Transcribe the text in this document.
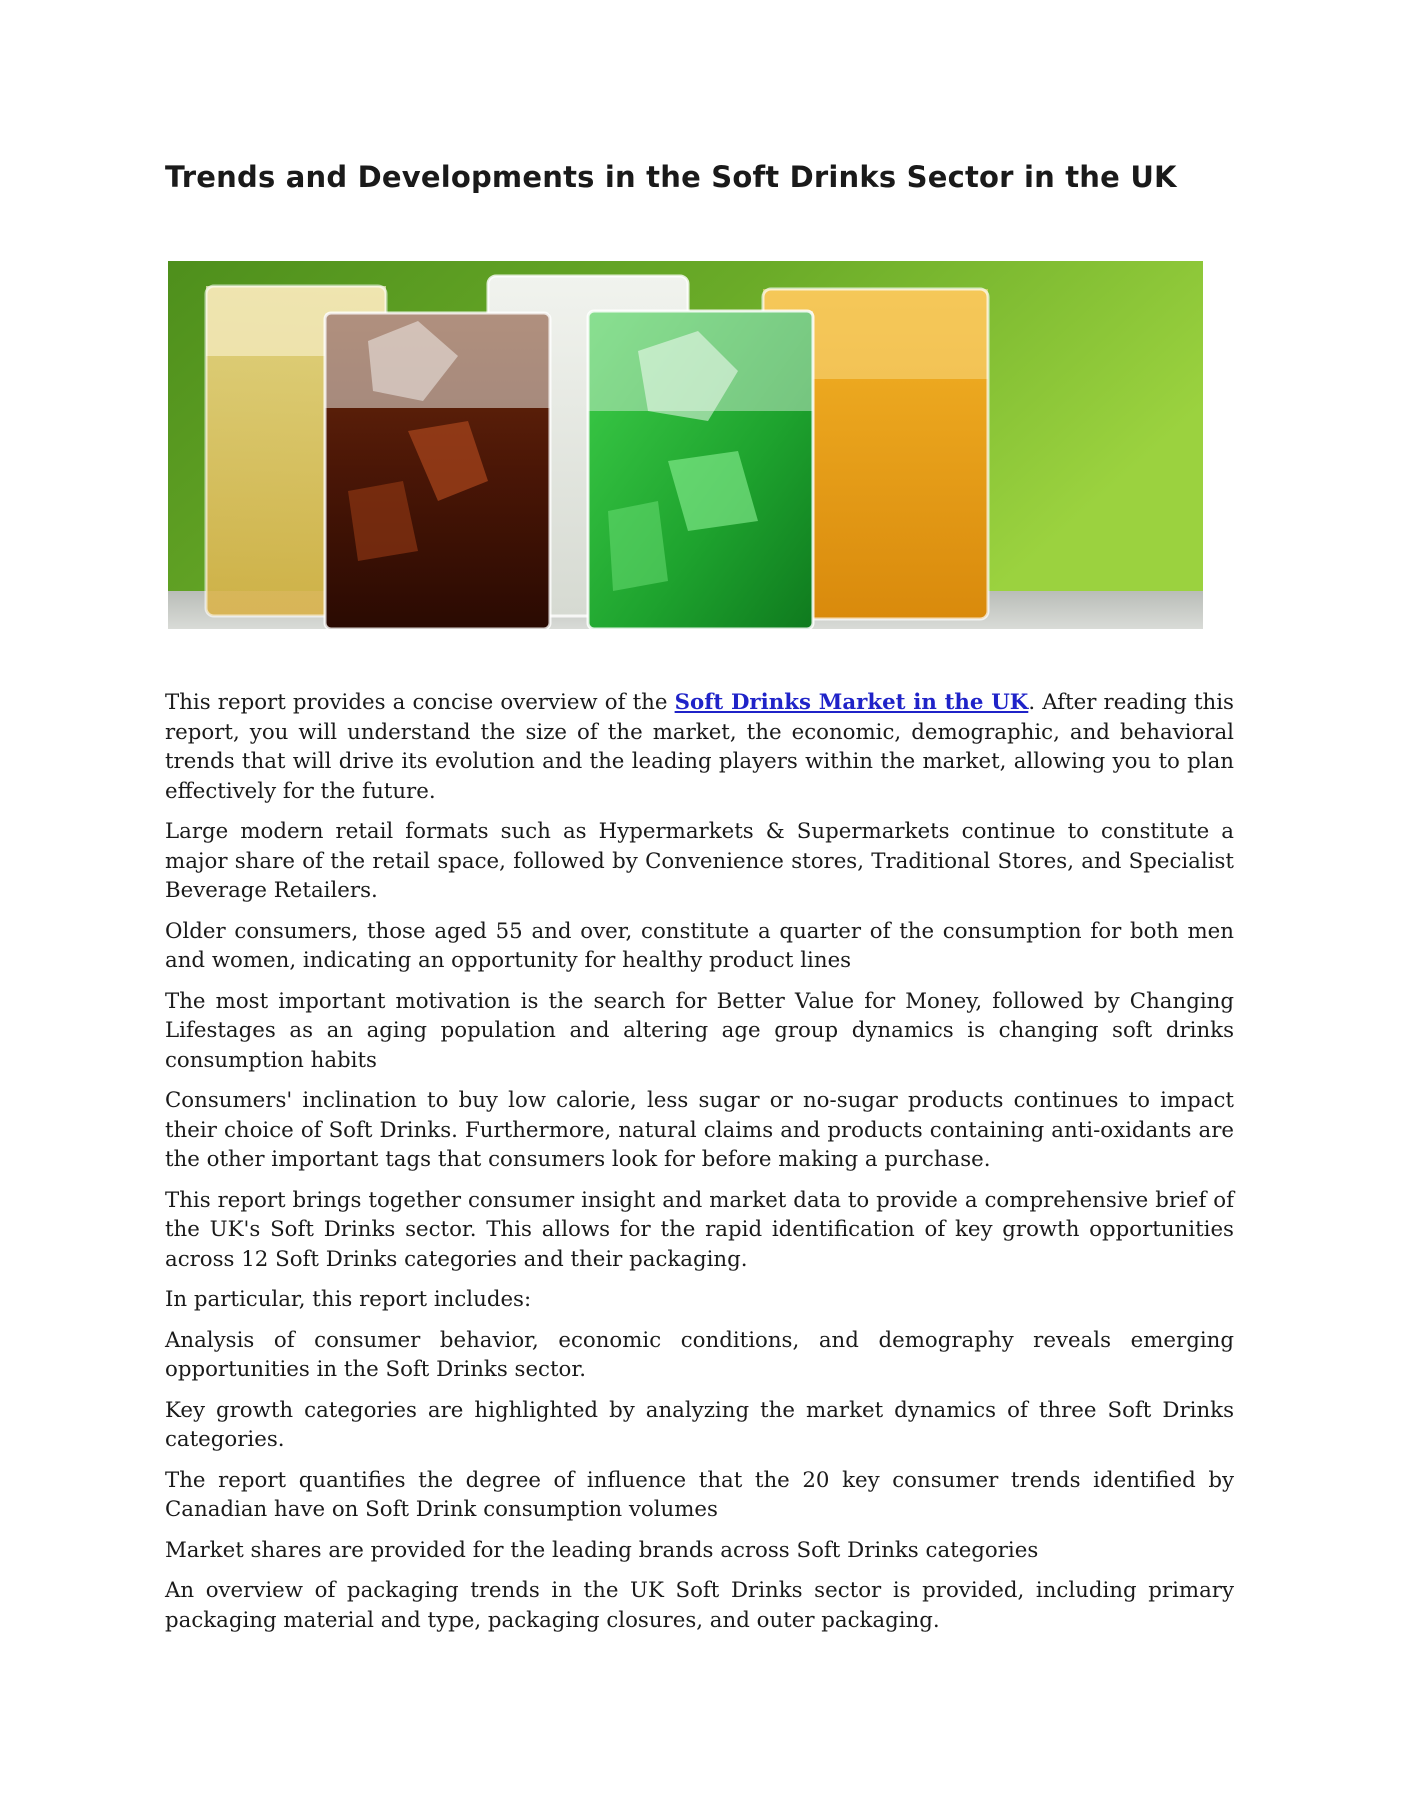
Trends and Developments in the Soft Drinks Sector in the UK

This report provides a concise overview of the Soft Drinks Market in the UK. After reading this report, you will understand the size of the market, the economic, demographic, and behavioral trends that will drive its evolution and the leading players within the market, allowing you to plan effectively for the future.

Large modern retail formats such as Hypermarkets & Supermarkets continue to constitute a major share of the retail space, followed by Convenience stores, Traditional Stores, and Specialist Beverage Retailers.

Older consumers, those aged 55 and over, constitute a quarter of the consumption for both men and women, indicating an opportunity for healthy product lines

The most important motivation is the search for Better Value for Money, followed by Changing Lifestages as an aging population and altering age group dynamics is changing soft drinks consumption habits

Consumers' inclination to buy low calorie, less sugar or no-sugar products continues to impact their choice of Soft Drinks. Furthermore, natural claims and products containing anti-oxidants are the other important tags that consumers look for before making a purchase.

This report brings together consumer insight and market data to provide a comprehensive brief of the UK's Soft Drinks sector. This allows for the rapid identification of key growth opportunities across 12 Soft Drinks categories and their packaging.

In particular, this report includes:

Analysis of consumer behavior, economic conditions, and demography reveals emerging opportunities in the Soft Drinks sector.

Key growth categories are highlighted by analyzing the market dynamics of three Soft Drinks categories.

The report quantifies the degree of influence that the 20 key consumer trends identified by Canadian have on Soft Drink consumption volumes

Market shares are provided for the leading brands across Soft Drinks categories

An overview of packaging trends in the UK Soft Drinks sector is provided, including primary packaging material and type, packaging closures, and outer packaging.
